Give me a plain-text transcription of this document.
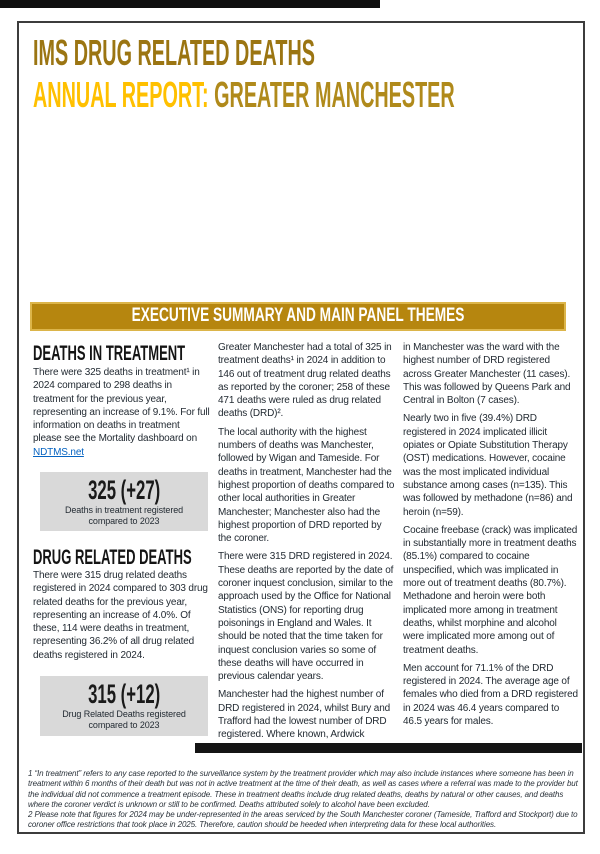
IMS DRUG RELATED DEATHS
ANNUAL REPORT: GREATER MANCHESTER
EXECUTIVE SUMMARY AND MAIN PANEL THEMES
DEATHS IN TREATMENT
There were 325 deaths in treatment¹ in 2024 compared to 298 deaths in treatment for the previous year, representing an increase of 9.1%. For full information on deaths in treatment please see the Mortality dashboard on NDTMS.net
325 (+27)
Deaths in treatment registered compared to 2023
DRUG RELATED DEATHS
There were 315 drug related deaths registered in 2024 compared to 303 drug related deaths for the previous year, representing an increase of 4.0%. Of these, 114 were deaths in treatment, representing 36.2% of all drug related deaths registered in 2024.
315 (+12)
Drug Related Deaths registered compared to 2023

Greater Manchester had a total of 325 in treatment deaths¹ in 2024 in addition to 146 out of treatment drug related deaths as reported by the coroner; 258 of these 471 deaths were ruled as drug related deaths (DRD)².

The local authority with the highest numbers of deaths was Manchester, followed by Wigan and Tameside. For deaths in treatment, Manchester had the highest proportion of deaths compared to other local authorities in Greater Manchester; Manchester also had the highest proportion of DRD reported by the coroner.

There were 315 DRD registered in 2024. These deaths are reported by the date of coroner inquest conclusion, similar to the approach used by the Office for National Statistics (ONS) for reporting drug poisonings in England and Wales. It should be noted that the time taken for inquest conclusion varies so some of these deaths will have occurred in previous calendar years.

Manchester had the highest number of DRD registered in 2024, whilst Bury and Trafford had the lowest number of DRD registered. Where known, Ardwick

in Manchester was the ward with the highest number of DRD registered across Greater Manchester (11 cases). This was followed by Queens Park and Central in Bolton (7 cases).

Nearly two in five (39.4%) DRD registered in 2024 implicated illicit opiates or Opiate Substitution Therapy (OST) medications. However, cocaine was the most implicated individual substance among cases (n=135). This was followed by methadone (n=86) and heroin (n=59).

Cocaine freebase (crack) was implicated in substantially more in treatment deaths (85.1%) compared to cocaine unspecified, which was implicated in more out of treatment deaths (80.7%). Methadone and heroin were both implicated more among in treatment deaths, whilst morphine and alcohol were implicated more among out of treatment deaths.

Men account for 71.1% of the DRD registered in 2024. The average age of females who died from a DRD registered in 2024 was 46.4 years compared to 46.5 years for males.

1 “In treatment” refers to any case reported to the surveillance system by the treatment provider which may also include instances where someone has been in treatment within 6 months of their death but was not in active treatment at the time of their death, as well as cases where a referral was made to the provider but the individual did not commence a treatment episode. These in treatment deaths include drug related deaths, deaths by natural or other causes, and deaths where the coroner verdict is unknown or still to be confirmed. Deaths attributed solely to alcohol have been excluded.

2 Please note that figures for 2024 may be under-represented in the areas serviced by the South Manchester coroner (Tameside, Trafford and Stockport) due to coroner office restrictions that took place in 2025. Therefore, caution should be heeded when interpreting data for these local authorities.
